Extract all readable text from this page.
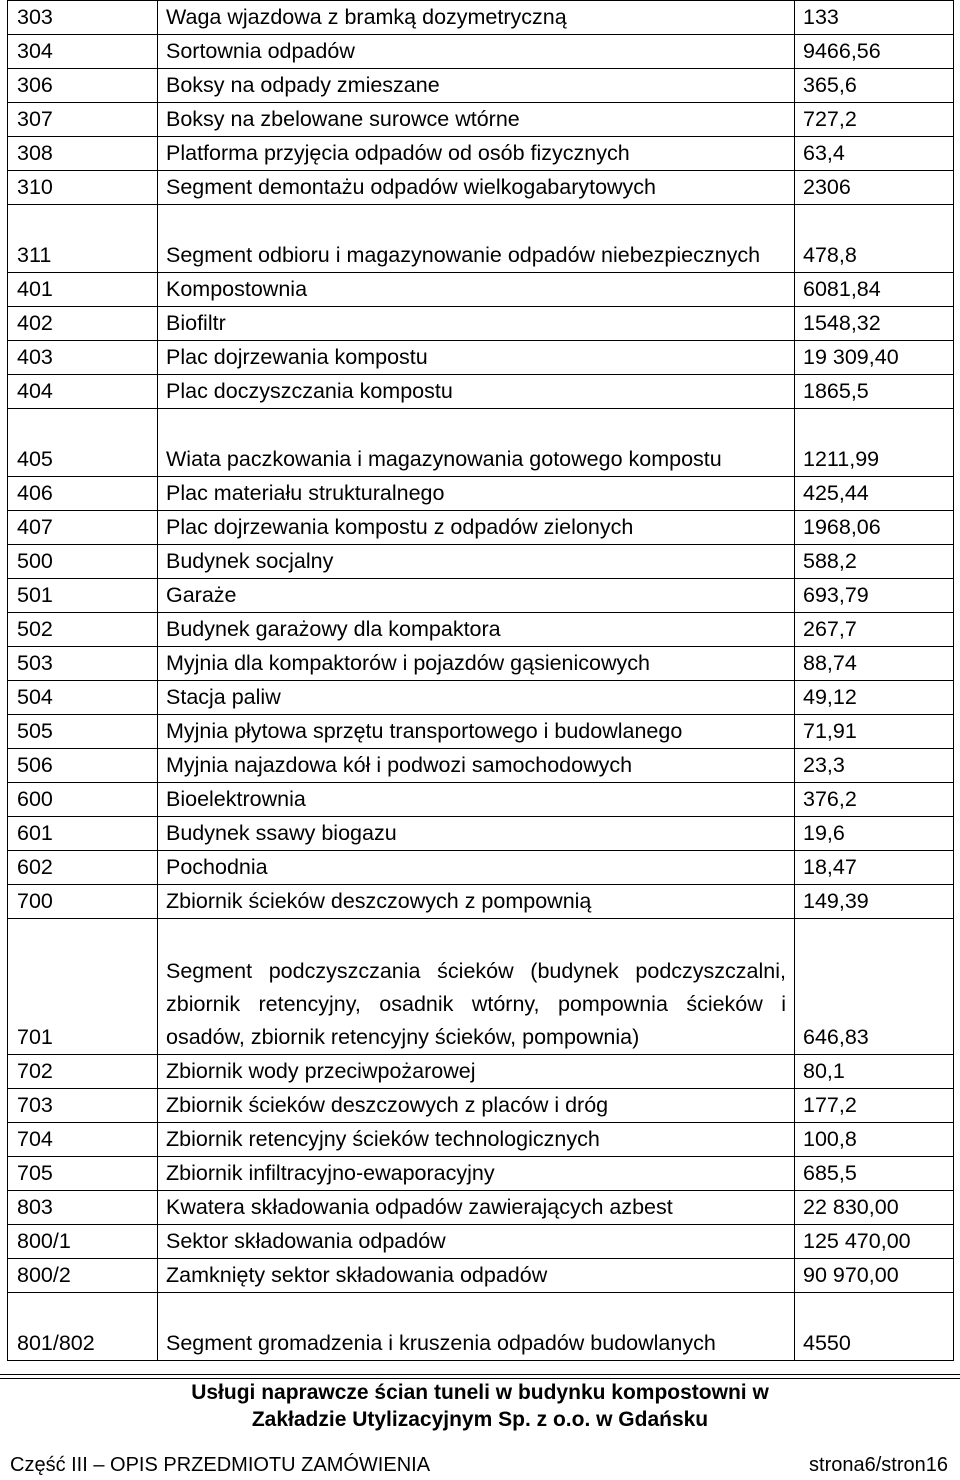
303	Waga wjazdowa z bramką dozymetryczną	133
304	Sortownia odpadów	9466,56
306	Boksy na odpady zmieszane	365,6
307	Boksy na zbelowane surowce wtórne	727,2
308	Platforma przyjęcia odpadów od osób fizycznych	63,4
310	Segment demontażu odpadów wielkogabarytowych	2306
311	Segment odbioru i magazynowanie odpadów niebezpiecznych	478,8
401	Kompostownia	6081,84
402	Biofiltr	1548,32
403	Plac dojrzewania kompostu	19 309,40
404	Plac doczyszczania kompostu	1865,5
405	Wiata paczkowania i magazynowania gotowego kompostu	1211,99
406	Plac materiału strukturalnego	425,44
407	Plac dojrzewania kompostu z odpadów zielonych	1968,06
500	Budynek socjalny	588,2
501	Garaże	693,79
502	Budynek garażowy dla kompaktora	267,7
503	Myjnia dla kompaktorów i pojazdów gąsienicowych	88,74
504	Stacja paliw	49,12
505	Myjnia płytowa sprzętu transportowego i budowlanego	71,91
506	Myjnia najazdowa kół i podwozi samochodowych	23,3
600	Bioelektrownia	376,2
601	Budynek ssawy biogazu	19,6
602	Pochodnia	18,47
700	Zbiornik ścieków deszczowych z pompownią	149,39
701	Segment podczyszczania ścieków (budynek podczyszczalni, zbiornik retencyjny, osadnik wtórny, pompownia ścieków i osadów, zbiornik retencyjny ścieków, pompownia)	646,83
702	Zbiornik wody przeciwpożarowej	80,1
703	Zbiornik ścieków deszczowych z placów i dróg	177,2
704	Zbiornik retencyjny ścieków technologicznych	100,8
705	Zbiornik infiltracyjno-ewaporacyjny	685,5
803	Kwatera składowania odpadów zawierających azbest	22 830,00
800/1	Sektor składowania odpadów	125 470,00
800/2	Zamknięty sektor składowania odpadów	90 970,00
801/802	Segment gromadzenia i kruszenia odpadów budowlanych	4550
Usługi naprawcze ścian tuneli w budynku kompostowni w
Zakładzie Utylizacyjnym Sp. z o.o. w Gdańsku
Część III – OPIS PRZEDMIOTU ZAMÓWIENIA	strona6/stron16
